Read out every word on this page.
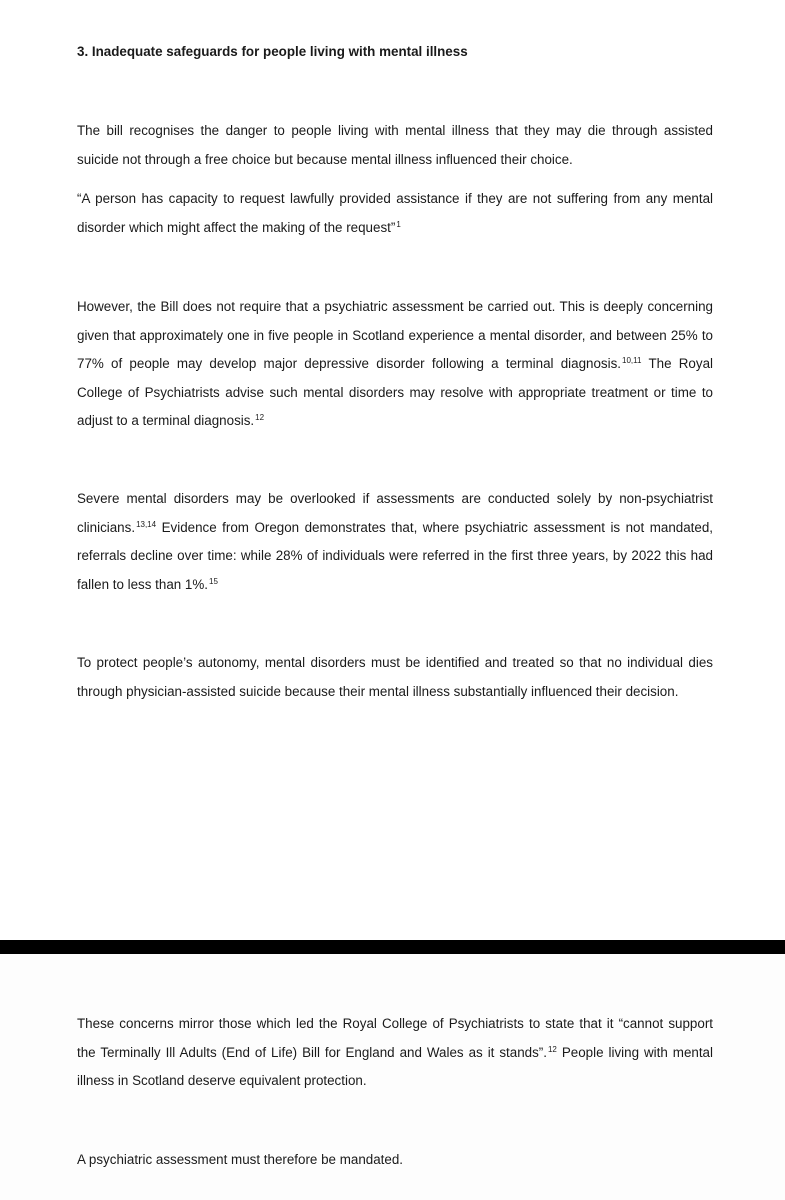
3. Inadequate safeguards for people living with mental illness

The bill recognises the danger to people living with mental illness that they may die through assisted suicide not through a free choice but because mental illness influenced their choice.

“A person has capacity to request lawfully provided assistance if they are not suffering from any mental disorder which might affect the making of the request”$^1$

However, the Bill does not require that a psychiatric assessment be carried out. This is deeply concerning given that approximately one in five people in Scotland experience a mental disorder, and between 25% to 77% of people may develop major depressive disorder following a terminal diagnosis.$^{10,11}$ The Royal College of Psychiatrists advise such mental disorders may resolve with appropriate treatment or time to adjust to a terminal diagnosis.$^{12}$

Severe mental disorders may be overlooked if assessments are conducted solely by non-psychiatrist clinicians.$^{13,14}$ Evidence from Oregon demonstrates that, where psychiatric assessment is not mandated, referrals decline over time: while 28% of individuals were referred in the first three years, by 2022 this had fallen to less than 1%.$^{15}$

To protect people’s autonomy, mental disorders must be identified and treated so that no individual dies through physician-assisted suicide because their mental illness substantially influenced their decision.

These concerns mirror those which led the Royal College of Psychiatrists to state that it “cannot support the Terminally Ill Adults (End of Life) Bill for England and Wales as it stands”.$^{12}$ People living with mental illness in Scotland deserve equivalent protection.

A psychiatric assessment must therefore be mandated.
